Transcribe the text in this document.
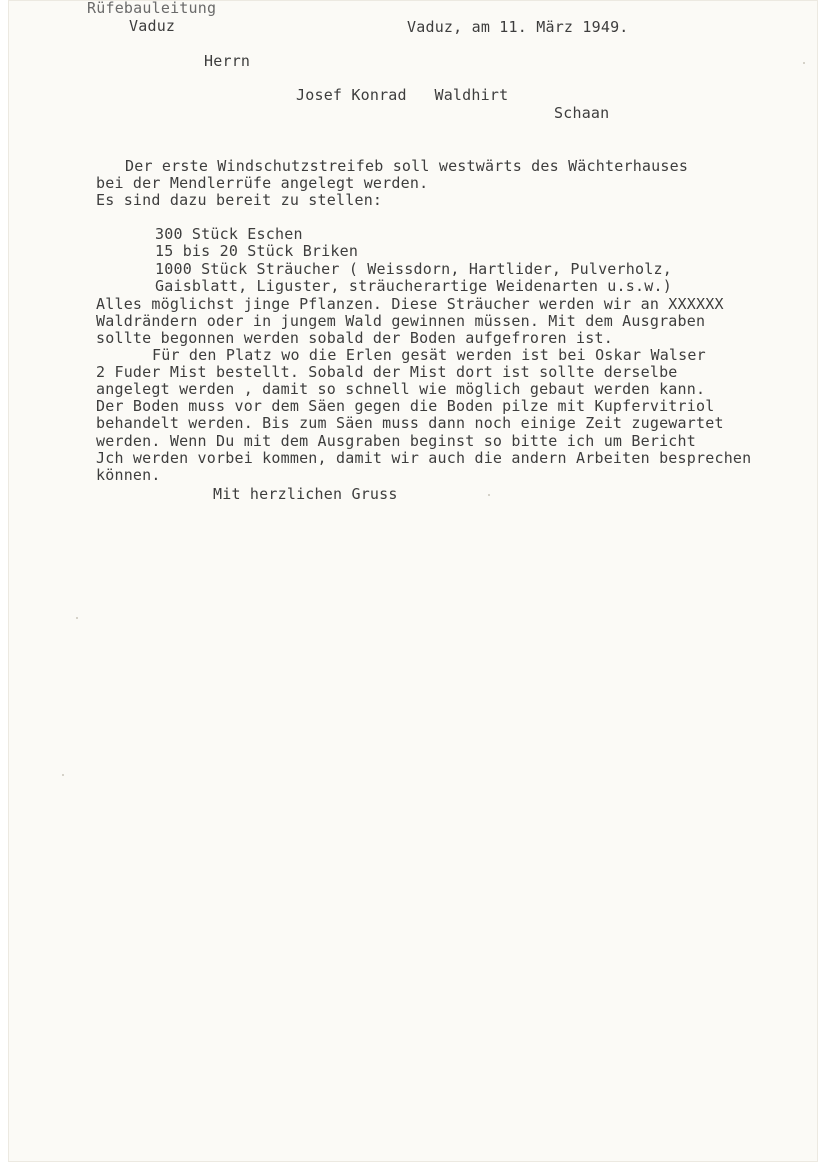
Rüfebauleitung
Vaduz	Vaduz, am 11. März 1949.
Herrn
Josef Konrad   Waldhirt
Schaan
Der erste Windschutzstreifeb soll westwärts des Wächterhauses
bei der Mendlerrüfe angelegt werden.
Es sind dazu bereit zu stellen:
300 Stück Eschen
15 bis 20 Stück Briken
1000 Stück Sträucher ( Weissdorn, Hartlider, Pulverholz,
Gaisblatt, Liguster, sträucherartige Weidenarten u.s.w.)
Alles möglichst jinge Pflanzen. Diese Sträucher werden wir an XXXXXX
Waldrändern oder in jungem Wald gewinnen müssen. Mit dem Ausgraben
sollte begonnen werden sobald der Boden aufgefroren ist.
Für den Platz wo die Erlen gesät werden ist bei Oskar Walser
2 Fuder Mist bestellt. Sobald der Mist dort ist sollte derselbe
angelegt werden , damit so schnell wie möglich gebaut werden kann.
Der Boden muss vor dem Säen gegen die Boden pilze mit Kupfervitriol
behandelt werden. Bis zum Säen muss dann noch einige Zeit zugewartet
werden. Wenn Du mit dem Ausgraben beginst so bitte ich um Bericht
Jch werden vorbei kommen, damit wir auch die andern Arbeiten besprechen
können.
Mit herzlichen Gruss
